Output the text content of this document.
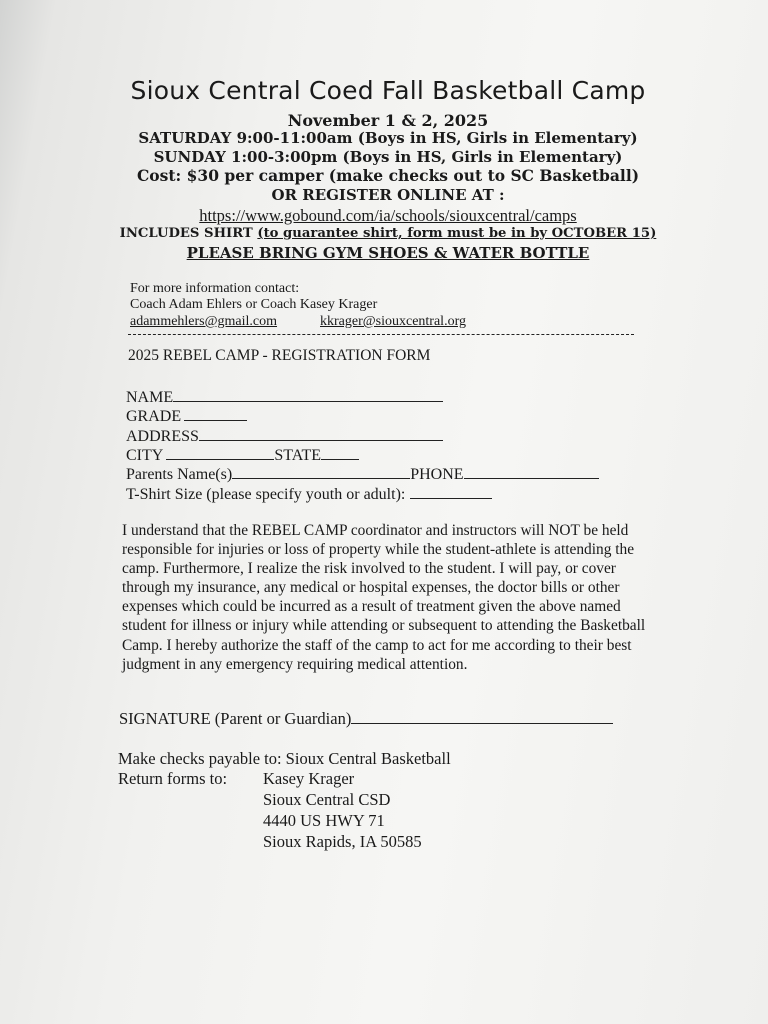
Sioux Central Coed Fall Basketball Camp
November 1 & 2, 2025
SATURDAY 9:00-11:00am (Boys in HS, Girls in Elementary)
SUNDAY 1:00-3:00pm (Boys in HS, Girls in Elementary)
Cost: $30 per camper (make checks out to SC Basketball)
OR REGISTER ONLINE AT :
https://www.gobound.com/ia/schools/siouxcentral/camps
INCLUDES SHIRT (to guarantee shirt, form must be in by OCTOBER 15)
PLEASE BRING GYM SHOES & WATER BOTTLE
For more information contact:
Coach Adam Ehlers or Coach Kasey Krager
adammehlers@gmail.com	kkrager@siouxcentral.org
2025 REBEL CAMP - REGISTRATION FORM
NAME
GRADE
ADDRESS
CITY	STATE
Parents Name(s)	PHONE
T-Shirt Size (please specify youth or adult):
I understand that the REBEL CAMP coordinator and instructors will NOT be held responsible for injuries or loss of property while the student-athlete is attending the camp. Furthermore, I realize the risk involved to the student. I will pay, or cover through my insurance, any medical or hospital expenses, the doctor bills or other expenses which could be incurred as a result of treatment given the above named student for illness or injury while attending or subsequent to attending the Basketball Camp. I hereby authorize the staff of the camp to act for me according to their best judgment in any emergency requiring medical attention.
SIGNATURE (Parent or Guardian)
Make checks payable to: Sioux Central Basketball
Return forms to: Kasey Krager
Sioux Central CSD
4440 US HWY 71
Sioux Rapids, IA 50585
